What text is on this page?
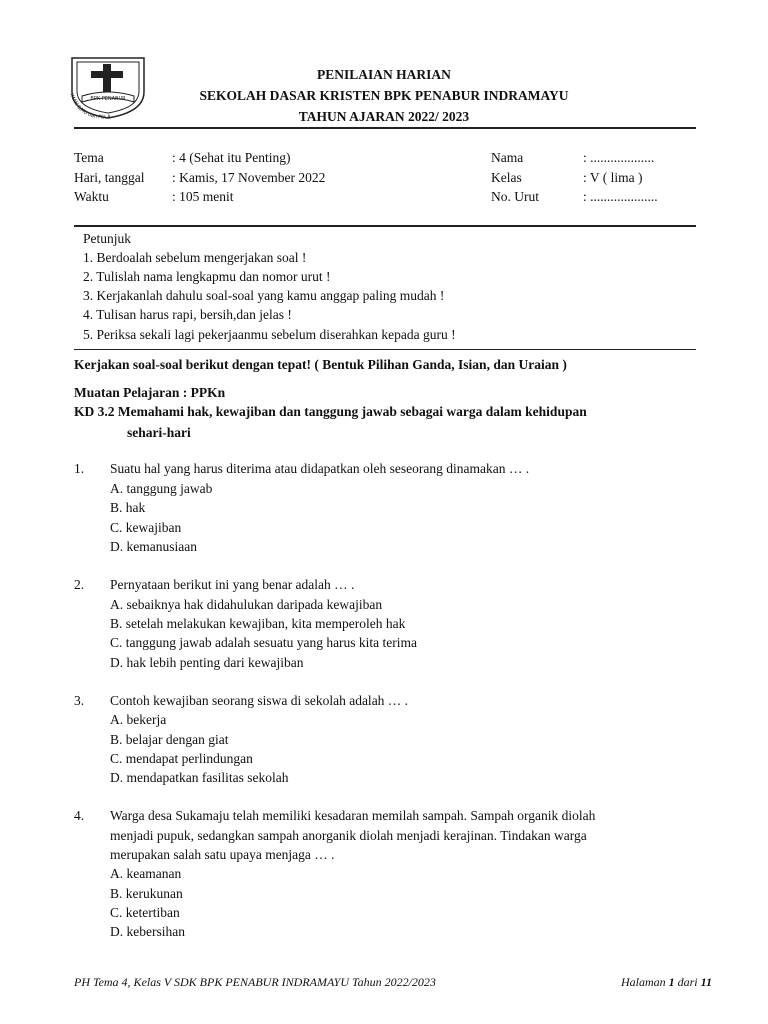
BPK PENABUR
IMAN ILMU dan PELA
PENILAIAN HARIAN
SEKOLAH DASAR KRISTEN BPK PENABUR INDRAMAYU
TAHUN AJARAN 2022/ 2023
Tema	: 4 (Sehat itu Penting)
Hari, tanggal : Kamis, 17 November 2022
Waktu	: 105 menit
Nama	: ...................
Kelas	: V ( lima )
No. Urut	: ....................
Petunjuk
1. Berdoalah sebelum mengerjakan soal !
2. Tulislah nama lengkapmu dan nomor urut !
3. Kerjakanlah dahulu soal-soal yang kamu anggap paling mudah !
4. Tulisan harus rapi, bersih,dan jelas !
5. Periksa sekali lagi pekerjaanmu sebelum diserahkan kepada guru !
Kerjakan soal-soal berikut dengan tepat! ( Bentuk Pilihan Ganda, Isian, dan Uraian )
Muatan Pelajaran : PPKn
KD 3.2 Memahami hak, kewajiban dan tanggung jawab sebagai warga dalam kehidupan
sehari-hari
1. Suatu hal yang harus diterima atau didapatkan oleh seseorang dinamakan … .
A. tanggung jawab
B. hak
C. kewajiban
D. kemanusiaan
2. Pernyataan berikut ini yang benar adalah … .
A. sebaiknya hak didahulukan daripada kewajiban
B. setelah melakukan kewajiban, kita memperoleh hak
C. tanggung jawab adalah sesuatu yang harus kita terima
D. hak lebih penting dari kewajiban
3. Contoh kewajiban seorang siswa di sekolah adalah … .
A. bekerja
B. belajar dengan giat
C. mendapat perlindungan
D. mendapatkan fasilitas sekolah
4. Warga desa Sukamaju telah memiliki kesadaran memilah sampah. Sampah organik diolah
menjadi pupuk, sedangkan sampah anorganik diolah menjadi kerajinan. Tindakan warga
merupakan salah satu upaya menjaga … .
A. keamanan
B. kerukunan
C. ketertiban
D. kebersihan
PH Tema 4, Kelas V SDK BPK PENABUR INDRAMAYU Tahun 2022/2023	Halaman 1 dari 11
